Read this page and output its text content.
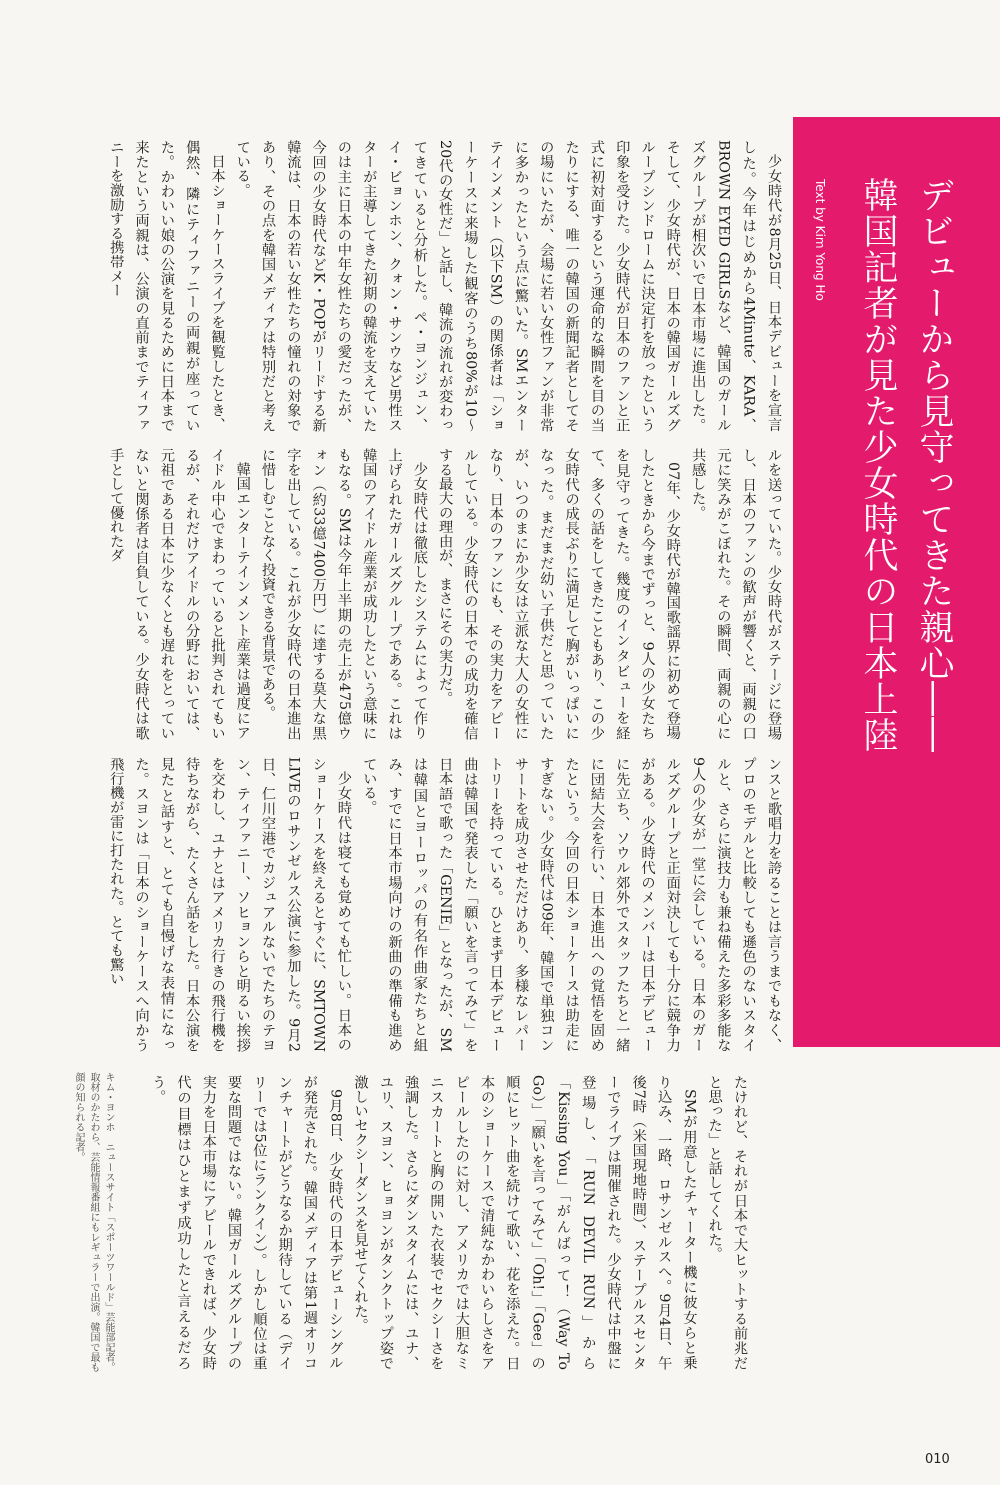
デビューから見守ってきた親心――
韓国記者が見た少女時代の日本上陸
Text by Kim Yong Ho

少女時代が8月25日、日本デビューを宣言した。今年はじめから4Minute、KARA、BROWN EYED GIRLSなど、韓国のガールズグループが相次いで日本市場に進出した。そして、少女時代が、日本の韓国ガールズグループシンドロームに決定打を放ったという印象を受けた。少女時代が日本のファンと正式に初対面するという運命的な瞬間を目の当たりにする、唯一の韓国の新聞記者としてその場にいたが、会場に若い女性ファンが非常に多かったという点に驚いた。SMエンターテインメント（以下SM）の関係者は「ショーケースに来場した観客のうち80%が10～20代の女性だ」と話し、韓流の流れが変わってきていると分析した。ペ・ヨンジュン、イ・ビョンホン、クォン・サンウなど男性スターが主導してきた初期の韓流を支えていたのは主に日本の中年女性たちの愛だったが、今回の少女時代などK・POPがリードする新韓流は、日本の若い女性たちの憧れの対象であり、その点を韓国メディアは特別だと考えている。

日本ショーケースライブを観覧したとき、偶然、隣にティファニーの両親が座っていた。かわいい娘の公演を見るために日本まで来たという両親は、公演の直前までティファニーを激励する携帯メー

ルを送っていた。少女時代がステージに登場し、日本のファンの歓声が響くと、両親の口元に笑みがこぼれた。その瞬間、両親の心に共感した。

07年、少女時代が韓国歌謡界に初めて登場したときから今までずっと、9人の少女たちを見守ってきた。幾度のインタビューを経て、多くの話をしてきたこともあり、この少女時代の成長ぶりに満足して胸がいっぱいになった。まだまだ幼い子供だと思っていたが、いつのまにか少女は立派な大人の女性になり、日本のファンにも、その実力をアピールしている。少女時代の日本での成功を確信する最大の理由が、まさにその実力だ。

少女時代は徹底したシステムによって作り上げられたガールズグループである。これは韓国のアイドル産業が成功したという意味にもなる。SMは今年上半期の売上が475億ウォン（約33億7400万円）に達する莫大な黒字を出している。これが少女時代の日本進出に惜しむことなく投資できる背景である。

韓国エンターテインメント産業は過度にアイドル中心でまわっていると批判されてもいるが、それだけアイドルの分野においては、元祖である日本に少なくとも遅れをとっていないと関係者は自負している。少女時代は歌手として優れたダ

ンスと歌唱力を誇ることは言うまでもなく、プロのモデルと比較しても遜色のないスタイルと、さらに演技力も兼ね備えた多彩多能な9人の少女が一堂に会している。日本のガールズグループと正面対決しても十分に競争力がある。少女時代のメンバーは日本デビューに先立ち、ソウル郊外でスタッフたちと一緒に団結大会を行い、日本進出への覚悟を固めたという。今回の日本ショーケースは助走にすぎない。少女時代は09年、韓国で単独コンサートを成功させただけあり、多様なレパートリーを持っている。ひとまず日本デビュー曲は韓国で発表した「願いを言ってみて」を日本語で歌った「GENIE」となったが、SMは韓国とヨーロッパの有名作曲家たちと組み、すでに日本市場向けの新曲の準備も進めている。

少女時代は寝ても覚めても忙しい。日本のショーケースを終えるとすぐに、SMTOWN LIVEのロサンゼルス公演に参加した。9月2日、仁川空港でカジュアルないでたちのテヨン、ティファニー、ソヒョンらと明るい挨拶を交わし、ユナとはアメリカ行きの飛行機を待ちながら、たくさん話をした。日本公演を見たと話すと、とても自慢げな表情になった。スヨンは「日本のショーケースへ向かう飛行機が雷に打たれた。とても驚い

たけれど、それが日本で大ヒットする前兆だと思った」と話してくれた。

SMが用意したチャーター機に彼女らと乗り込み、一路、ロサンゼルスへ。9月4日、午後7時（米国現地時間）、ステープルスセンターでライブは開催された。少女時代は中盤に登場し、「RUN DEVIL RUN」から「Kissing You」「がんばって！（Way To Go）」「願いを言ってみて」「Oh!」「Gee」の順にヒット曲を続けて歌い、花を添えた。日本のショーケースで清純なかわいらしさをアピールしたのに対し、アメリカでは大胆なミニスカートと胸の開いた衣装でセクシーさを強調した。さらにダンスタイムには、ユナ、ユリ、スヨン、ヒョヨンがタンクトップ姿で激しいセクシーダンスを見せてくれた。

9月8日、少女時代の日本デビューシングルが発売された。韓国メディアは第1週オリコンチャートがどうなるか期待している（デイリーでは5位にランクイン）。しかし順位は重要な問題ではない。韓国ガールズグループの実力を日本市場にアピールできれば、少女時代の目標はひとまず成功したと言えるだろう。

キム・ヨンホ　ニュースサイト「スポーツワールド」芸能部記者。取材のかたわら、芸能情報番組にもレギュラーで出演。韓国で最も顔の知られる記者。

010
